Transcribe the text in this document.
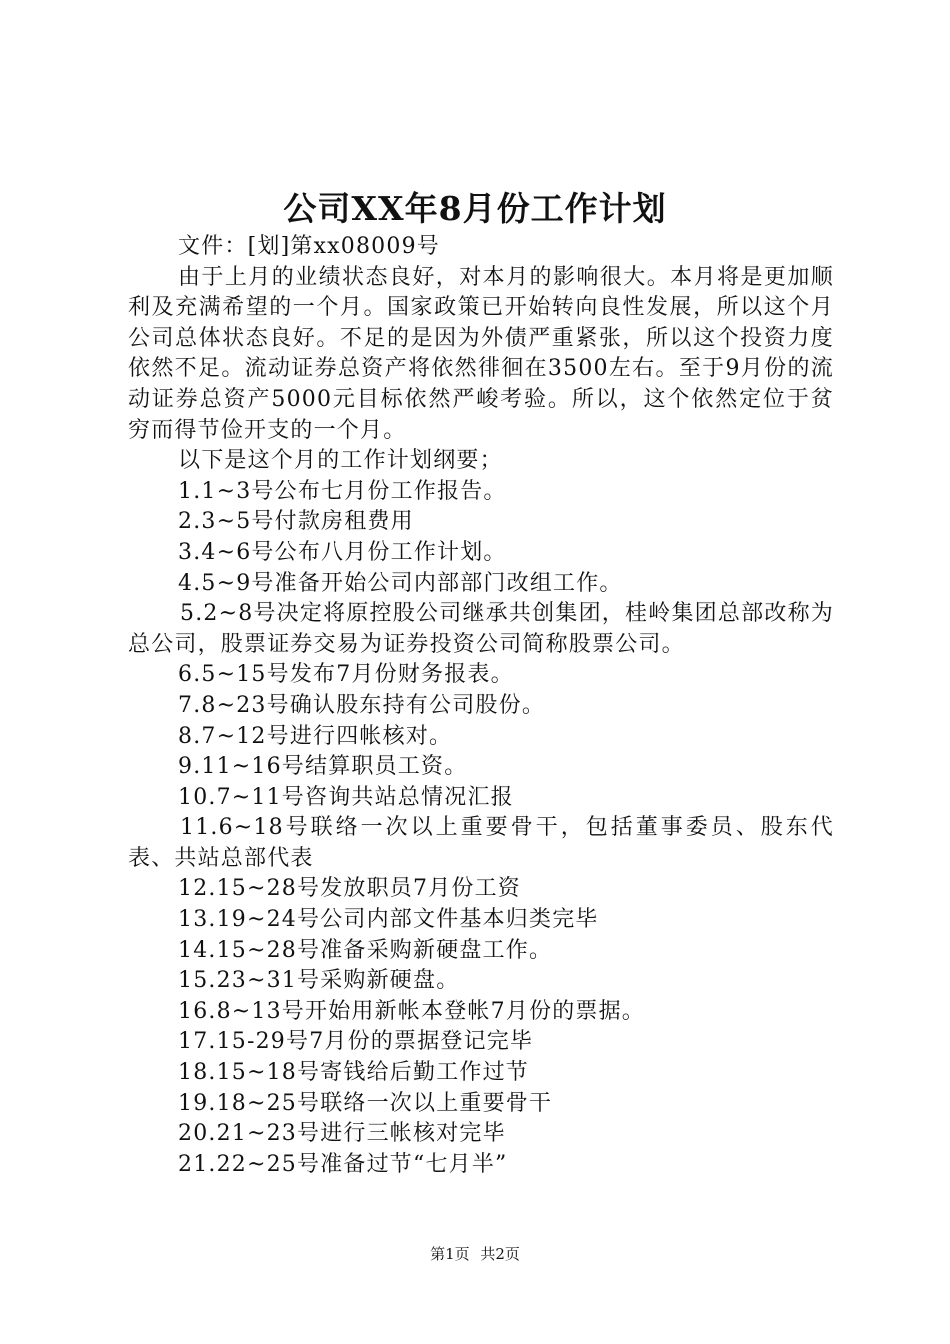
公司XX年8月份工作计划

文件：[划]第xx08009号

由于上月的业绩状态良好，对本月的影响很大。本月将是更加顺利及充满希望的一个月。国家政策已开始转向良性发展，所以这个月公司总体状态良好。不足的是因为外债严重紧张，所以这个投资力度依然不足。流动证券总资产将依然徘徊在3500左右。至于9月份的流动证券总资产5000元目标依然严峻考验。所以，这个依然定位于贫穷而得节俭开支的一个月。

以下是这个月的工作计划纲要；

1.1~3号公布七月份工作报告。

2.3~5号付款房租费用

3.4~6号公布八月份工作计划。

4.5~9号准备开始公司内部部门改组工作。

5.2~8号决定将原控股公司继承共创集团，桂岭集团总部改称为总公司，股票证券交易为证券投资公司简称股票公司。

6.5~15号发布7月份财务报表。

7.8~23号确认股东持有公司股份。

8.7~12号进行四帐核对。

9.11~16号结算职员工资。

10.7~11号咨询共站总情况汇报

11.6~18号联络一次以上重要骨干，包括董事委员、股东代表、共站总部代表

12.15~28号发放职员7月份工资

13.19~24号公司内部文件基本归类完毕

14.15~28号准备采购新硬盘工作。

15.23~31号采购新硬盘。

16.8~13号开始用新帐本登帐7月份的票据。

17.15-29号7月份的票据登记完毕

18.15~18号寄钱给后勤工作过节

19.18~25号联络一次以上重要骨干

20.21~23号进行三帐核对完毕

21.22~25号准备过节“七月半”

第1页 共2页
